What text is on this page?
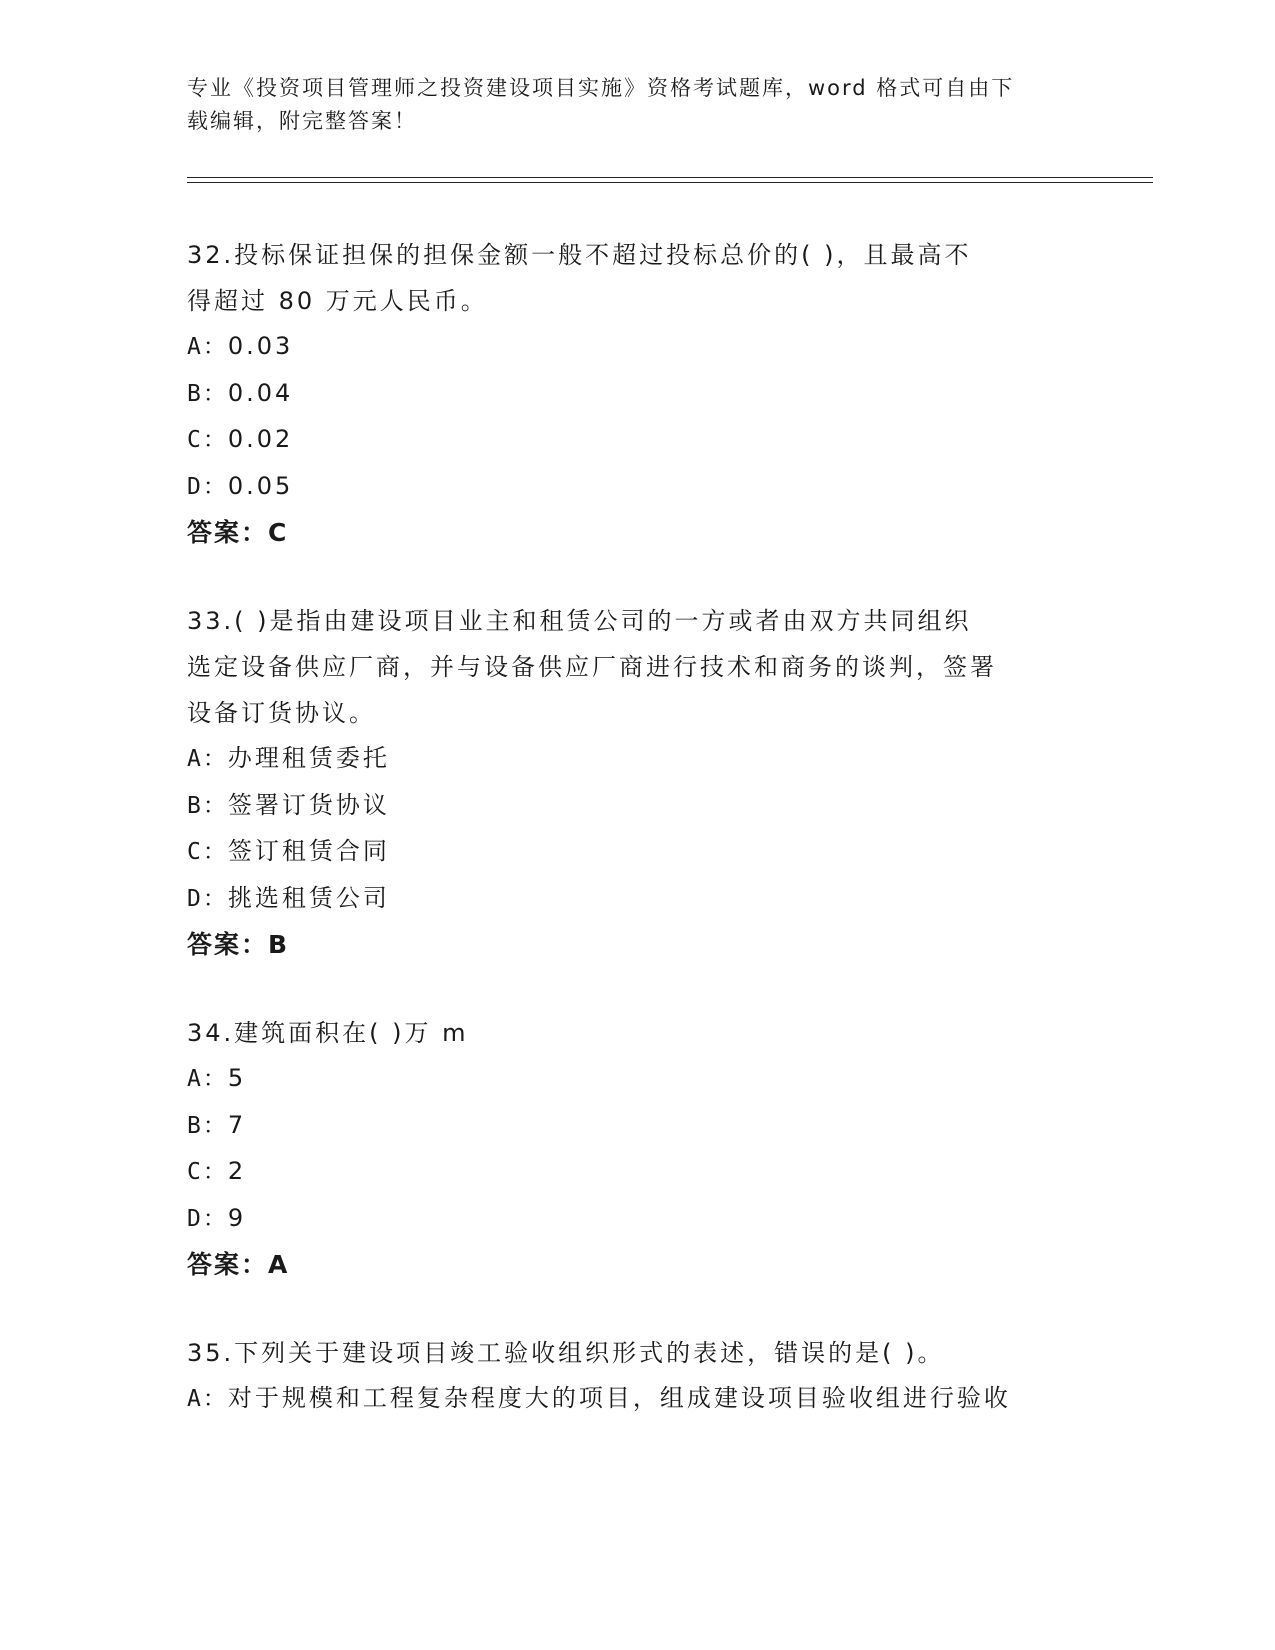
专业《投资项目管理师之投资建设项目实施》资格考试题库，word 格式可自由下
载编辑，附完整答案！
32.投标保证担保的担保金额一般不超过投标总价的( )，且最高不
得超过 80 万元人民币。
A：0.03
B：0.04
C：0.02
D：0.05
答案：C
33.( )是指由建设项目业主和租赁公司的一方或者由双方共同组织
选定设备供应厂商，并与设备供应厂商进行技术和商务的谈判，签署
设备订货协议。
A：办理租赁委托
B：签署订货协议
C：签订租赁合同
D：挑选租赁公司
答案：B
34.建筑面积在( )万 m
A：5
B：7
C：2
D：9
答案：A
35.下列关于建设项目竣工验收组织形式的表述，错误的是( )。
A：对于规模和工程复杂程度大的项目，组成建设项目验收组进行验收
